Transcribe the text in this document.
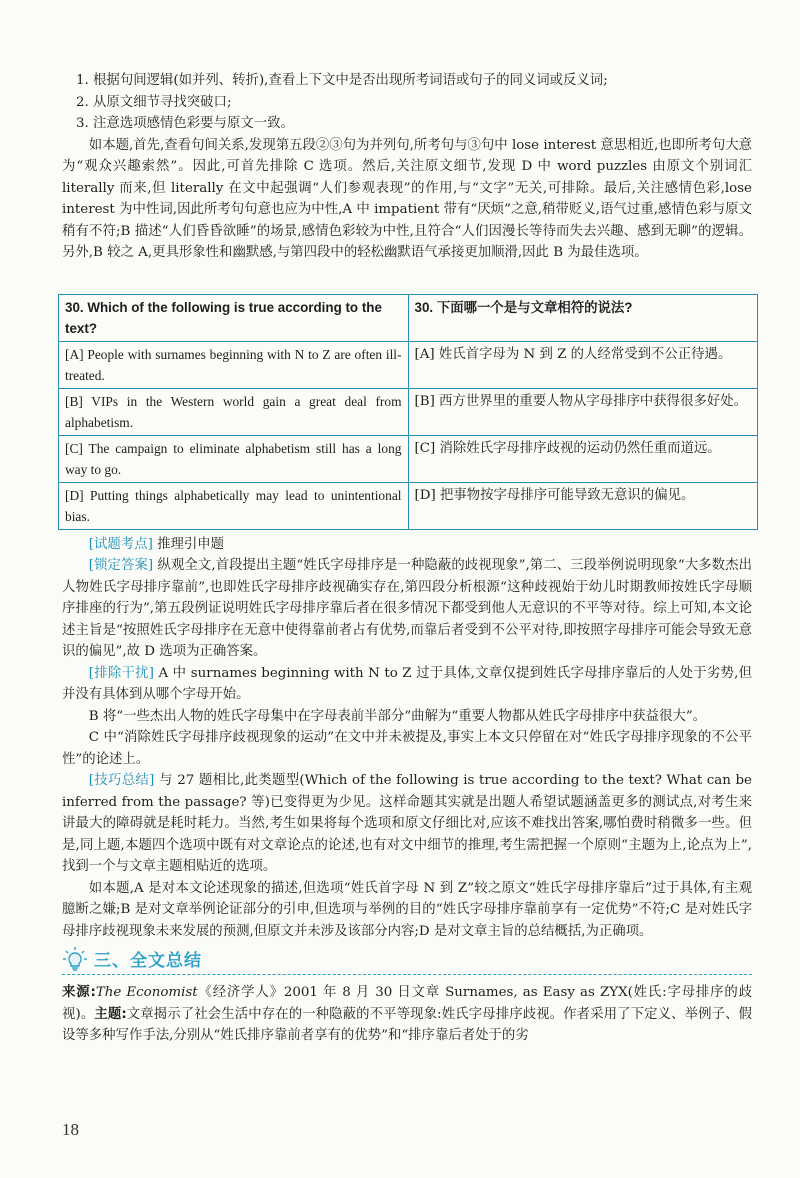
1. 根据句间逻辑(如并列、转折),查看上下文中是否出现所考词语或句子的同义词或反义词;
2. 从原文细节寻找突破口;
3. 注意选项感情色彩要与原文一致。

如本题,首先,查看句间关系,发现第五段②③句为并列句,所考句与③句中 lose interest 意思相近,也即所考句大意为“观众兴趣索然”。因此,可首先排除 C 选项。然后,关注原文细节,发现 D 中 word puzzles 由原文个别词汇 literally 而来,但 literally 在文中起强调“人们参观表现”的作用,与“文字”无关,可排除。最后,关注感情色彩,lose interest 为中性词,因此所考句句意也应为中性,A 中 impatient 带有“厌烦”之意,稍带贬义,语气过重,感情色彩与原文稍有不符;B 描述“人们昏昏欲睡”的场景,感情色彩较为中性,且符合“人们因漫长等待而失去兴趣、感到无聊”的逻辑。另外,B 较之 A,更具形象性和幽默感,与第四段中的轻松幽默语气承接更加顺滑,因此 B 为最佳选项。

30. Which of the following is true according to the text?	30. 下面哪一个是与文章相符的说法?
[A] People with surnames beginning with N to Z are often ill-treated.	[A] 姓氏首字母为 N 到 Z 的人经常受到不公正待遇。
[B] VIPs in the Western world gain a great deal from alphabetism.	[B] 西方世界里的重要人物从字母排序中获得很多好处。
[C] The campaign to eliminate alphabetism still has a long way to go.	[C] 消除姓氏字母排序歧视的运动仍然任重而道远。
[D] Putting things alphabetically may lead to unintentional bias.	[D] 把事物按字母排序可能导致无意识的偏见。

[试题考点] 推理引申题

[锁定答案] 纵观全文,首段提出主题“姓氏字母排序是一种隐蔽的歧视现象”,第二、三段举例说明现象“大多数杰出人物姓氏字母排序靠前”,也即姓氏字母排序歧视确实存在,第四段分析根源“这种歧视始于幼儿时期教师按姓氏字母顺序排座的行为”,第五段例证说明姓氏字母排序靠后者在很多情况下都受到他人无意识的不平等对待。综上可知,本文论述主旨是“按照姓氏字母排序在无意中使得靠前者占有优势,而靠后者受到不公平对待,即按照字母排序可能会导致无意识的偏见”,故 D 选项为正确答案。

[排除干扰] A 中 surnames beginning with N to Z 过于具体,文章仅提到姓氏字母排序靠后的人处于劣势,但并没有具体到从哪个字母开始。

B 将“一些杰出人物的姓氏字母集中在字母表前半部分”曲解为“重要人物都从姓氏字母排序中获益很大”。

C 中“消除姓氏字母排序歧视现象的运动”在文中并未被提及,事实上本文只停留在对“姓氏字母排序现象的不公平性”的论述上。

[技巧总结] 与 27 题相比,此类题型(Which of the following is true according to the text? What can be inferred from the passage? 等)已变得更为少见。这样命题其实就是出题人希望试题涵盖更多的测试点,对考生来讲最大的障碍就是耗时耗力。当然,考生如果将每个选项和原文仔细比对,应该不难找出答案,哪怕费时稍微多一些。但是,同上题,本题四个选项中既有对文章论点的论述,也有对文中细节的推理,考生需把握一个原则“主题为上,论点为上”,找到一个与文章主题相贴近的选项。

如本题,A 是对本文论述现象的描述,但选项“姓氏首字母 N 到 Z”较之原文“姓氏字母排序靠后”过于具体,有主观臆断之嫌;B 是对文章举例论证部分的引申,但选项与举例的目的“姓氏字母排序靠前享有一定优势”不符;C 是对姓氏字母排序歧视现象未来发展的预测,但原文并未涉及该部分内容;D 是对文章主旨的总结概括,为正确项。

三、全文总结
来源:The Economist《经济学人》2001 年 8 月 30 日文章 Surnames, as Easy as ZYX(姓氏:字母排序的歧视)。主题:文章揭示了社会生活中存在的一种隐蔽的不平等现象:姓氏字母排序歧视。作者采用了下定义、举例子、假设等多种写作手法,分别从“姓氏排序靠前者享有的优势”和“排序靠后者处于的劣
18
